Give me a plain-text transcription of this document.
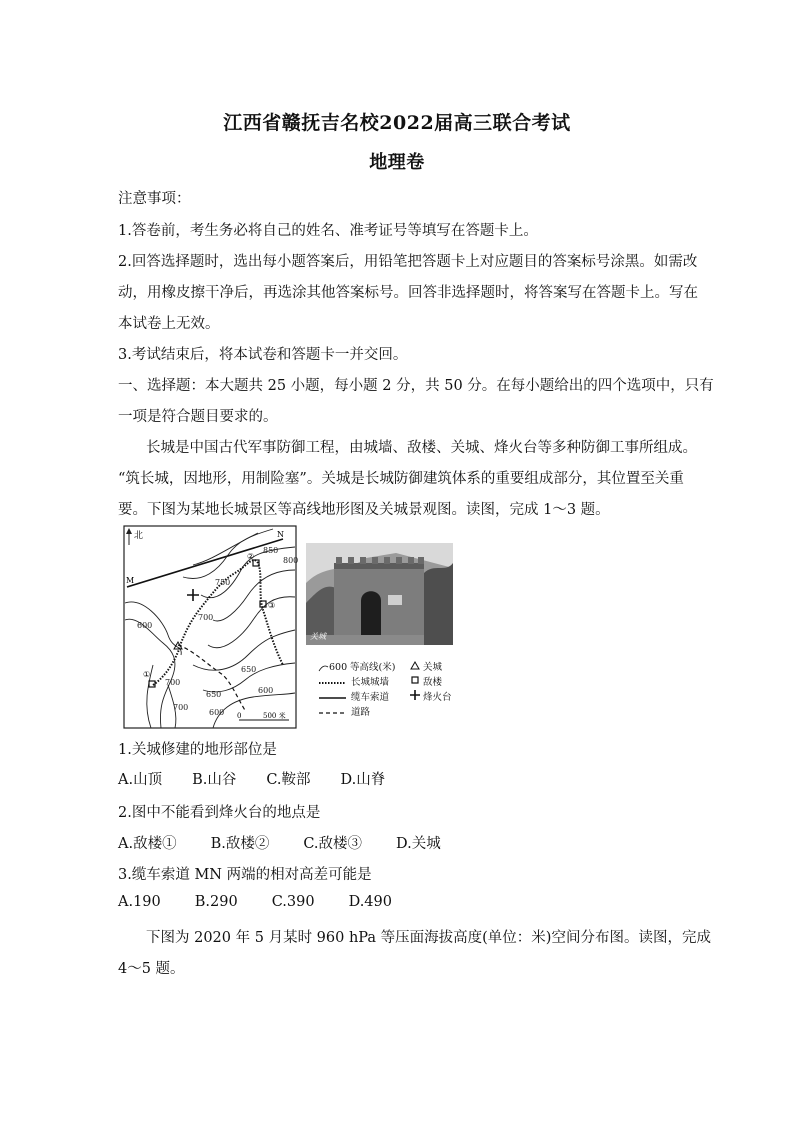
江西省赣抚吉名校2022届高三联合考试
地理卷
注意事项：
1.答卷前，考生务必将自己的姓名、准考证号等填写在答题卡上。
2.回答选择题时，选出每小题答案后，用铅笔把答题卡上对应题目的答案标号涂黑。如需改
动，用橡皮擦干净后，再选涂其他答案标号。回答非选择题时，将答案写在答题卡上。写在
本试卷上无效。
3.考试结束后，将本试卷和答题卡一并交回。
一、选择题：本大题共 25 小题，每小题 2 分，共 50 分。在每小题给出的四个选项中，只有
一项是符合题目要求的。
长城是中国古代军事防御工程，由城墙、敌楼、关城、烽火台等多种防御工事所组成。
“筑长城，因地形，用制险塞”。关城是长城防御建筑体系的重要组成部分，其位置至关重
要。下图为某地长城景区等高线地形图及关城景观图。读图，完成 1～3 题。
北
M
N
600
700
650
600
700
650
850
800
750
700
600
①
②
③
0	500 米
关城
600 等高线(米)	关城
长城城墙	敌楼
缆车索道	烽火台
道路
1.关城修建的地形部位是
A.山顶 B.山谷 C.鞍部 D.山脊
2.图中不能看到烽火台的地点是
A.敌楼① B.敌楼② C.敌楼③ D.关城
3.缆车索道 MN 两端的相对高差可能是
A.190 B.290 C.390 D.490
下图为 2020 年 5 月某时 960 hPa 等压面海拔高度(单位：米)空间分布图。读图，完成
4～5 题。
